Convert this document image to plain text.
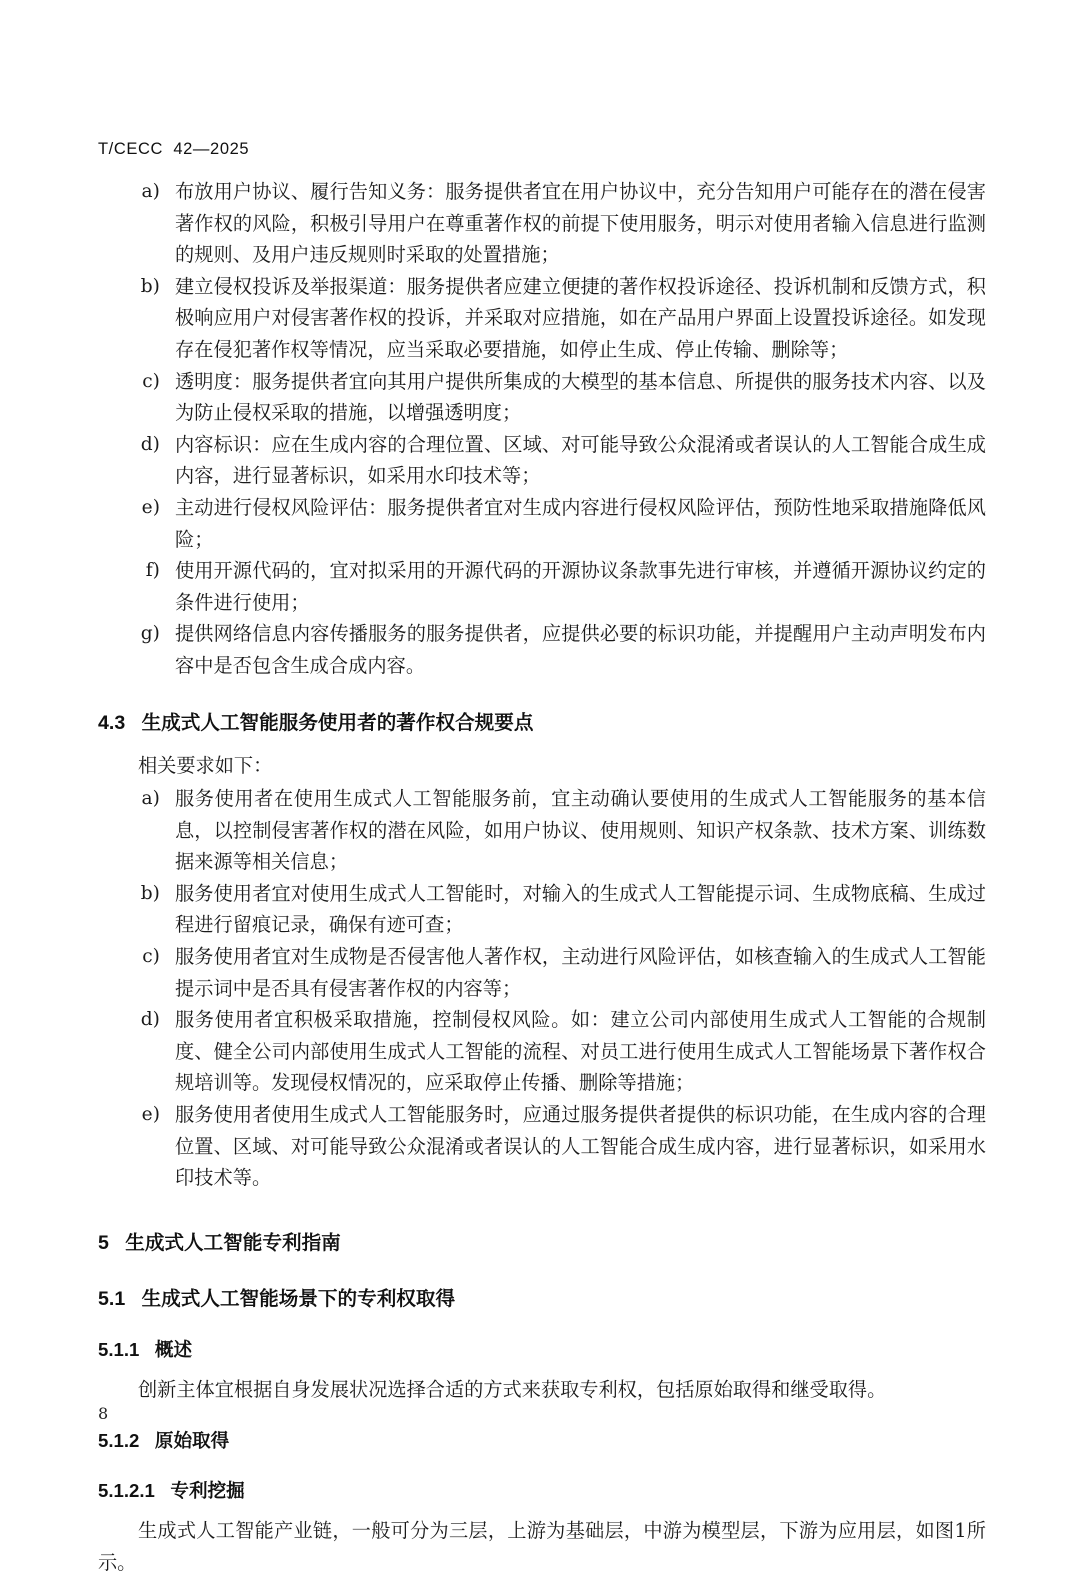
T/CECC  42—2025
a) 布放用户协议、履行告知义务：服务提供者宜在用户协议中，充分告知用户可能存在的潜在侵害著作权的风险，积极引导用户在尊重著作权的前提下使用服务，明示对使用者输入信息进行监测的规则、及用户违反规则时采取的处置措施；
b) 建立侵权投诉及举报渠道：服务提供者应建立便捷的著作权投诉途径、投诉机制和反馈方式，积极响应用户对侵害著作权的投诉，并采取对应措施，如在产品用户界面上设置投诉途径。如发现存在侵犯著作权等情况，应当采取必要措施，如停止生成、停止传输、删除等；
c) 透明度：服务提供者宜向其用户提供所集成的大模型的基本信息、所提供的服务技术内容、以及为防止侵权采取的措施，以增强透明度；
d) 内容标识：应在生成内容的合理位置、区域、对可能导致公众混淆或者误认的人工智能合成生成内容，进行显著标识，如采用水印技术等；
e) 主动进行侵权风险评估：服务提供者宜对生成内容进行侵权风险评估，预防性地采取措施降低风险；
f) 使用开源代码的，宜对拟采用的开源代码的开源协议条款事先进行审核，并遵循开源协议约定的条件进行使用；
g) 提供网络信息内容传播服务的服务提供者，应提供必要的标识功能，并提醒用户主动声明发布内容中是否包含生成合成内容。
4.3   生成式人工智能服务使用者的著作权合规要点

相关要求如下：

a) 服务使用者在使用生成式人工智能服务前，宜主动确认要使用的生成式人工智能服务的基本信息，以控制侵害著作权的潜在风险，如用户协议、使用规则、知识产权条款、技术方案、训练数据来源等相关信息；
b) 服务使用者宜对使用生成式人工智能时，对输入的生成式人工智能提示词、生成物底稿、生成过程进行留痕记录，确保有迹可查；
c) 服务使用者宜对生成物是否侵害他人著作权，主动进行风险评估，如核查输入的生成式人工智能提示词中是否具有侵害著作权的内容等；
d) 服务使用者宜积极采取措施，控制侵权风险。如：建立公司内部使用生成式人工智能的合规制度、健全公司内部使用生成式人工智能的流程、对员工进行使用生成式人工智能场景下著作权合规培训等。发现侵权情况的，应采取停止传播、删除等措施；
e) 服务使用者使用生成式人工智能服务时，应通过服务提供者提供的标识功能，在生成内容的合理位置、区域、对可能导致公众混淆或者误认的人工智能合成生成内容，进行显著标识，如采用水印技术等。
5   生成式人工智能专利指南
5.1   生成式人工智能场景下的专利权取得
5.1.1   概述

创新主体宜根据自身发展状况选择合适的方式来获取专利权，包括原始取得和继受取得。

5.1.2   原始取得
5.1.2.1   专利挖掘

生成式人工智能产业链，一般可分为三层，上游为基础层，中游为模型层，下游为应用层，如图1所示。

8
